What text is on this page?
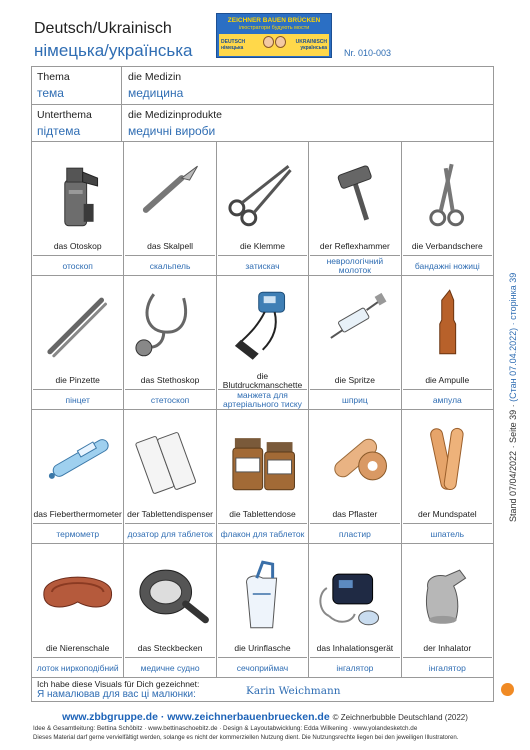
Deutsch/Ukrainisch
німецька/українська
ZEICHNER BAUEN BRÜCKEN
ілюстратори будують мости
DEUTSCH
німецька
UKRAINISCH
українська Nr. 010-003
Thema
тема
die Medizin
медицина
Unterthema
підтема
die Medizinprodukte
медичні вироби
das Otoskop
отоскоп
das Skalpell
скальпель
die Klemme
затискач
der Reflexhammer
неврологічний молоток
die Verbandschere
бандажні ножиці
die Pinzette
пінцет
das Stethoskop
стетоскоп
die Blutdruckmanschette
манжета для артеріального тиску
die Spritze
шприц
die Ampulle
ампула
das Fieberthermometer
термометр
der Tablettendispenser
дозатор для таблеток
die Tablettendose
флакон для таблеток
das Pflaster
пластир
der Mundspatel
шпатель
die Nierenschale
лоток ниркоподібний
das Steckbecken
медичне судно
die Urinflasche
сечоприймач
das Inhalationsgerät
інгалятор
der Inhalator
інгалятор
Ich habe diese Visuals für Dich gezeichnet:
Я намалював для вас ці малюнки:	Karin Weichmann
Stand 07/04/2022 · Seite 39 · (Стан 07.04.2022) · сторінка 39
www.zbbgruppe.de · www.zeichnerbauenbruecken.de © Zeichnerbubble Deutschland (2022)
Idee & Gesamtleitung: Bettina Schöbitz · www.bettinaschoebitz.de · Design & Layoutabwicklung: Edda Wilkening · www.yolandesketch.de
Dieses Material darf gerne vervielfältigt werden, solange es nicht der kommerziellen Nutzung dient. Die Nutzungsrechte liegen bei den jeweiligen Illustratoren.
